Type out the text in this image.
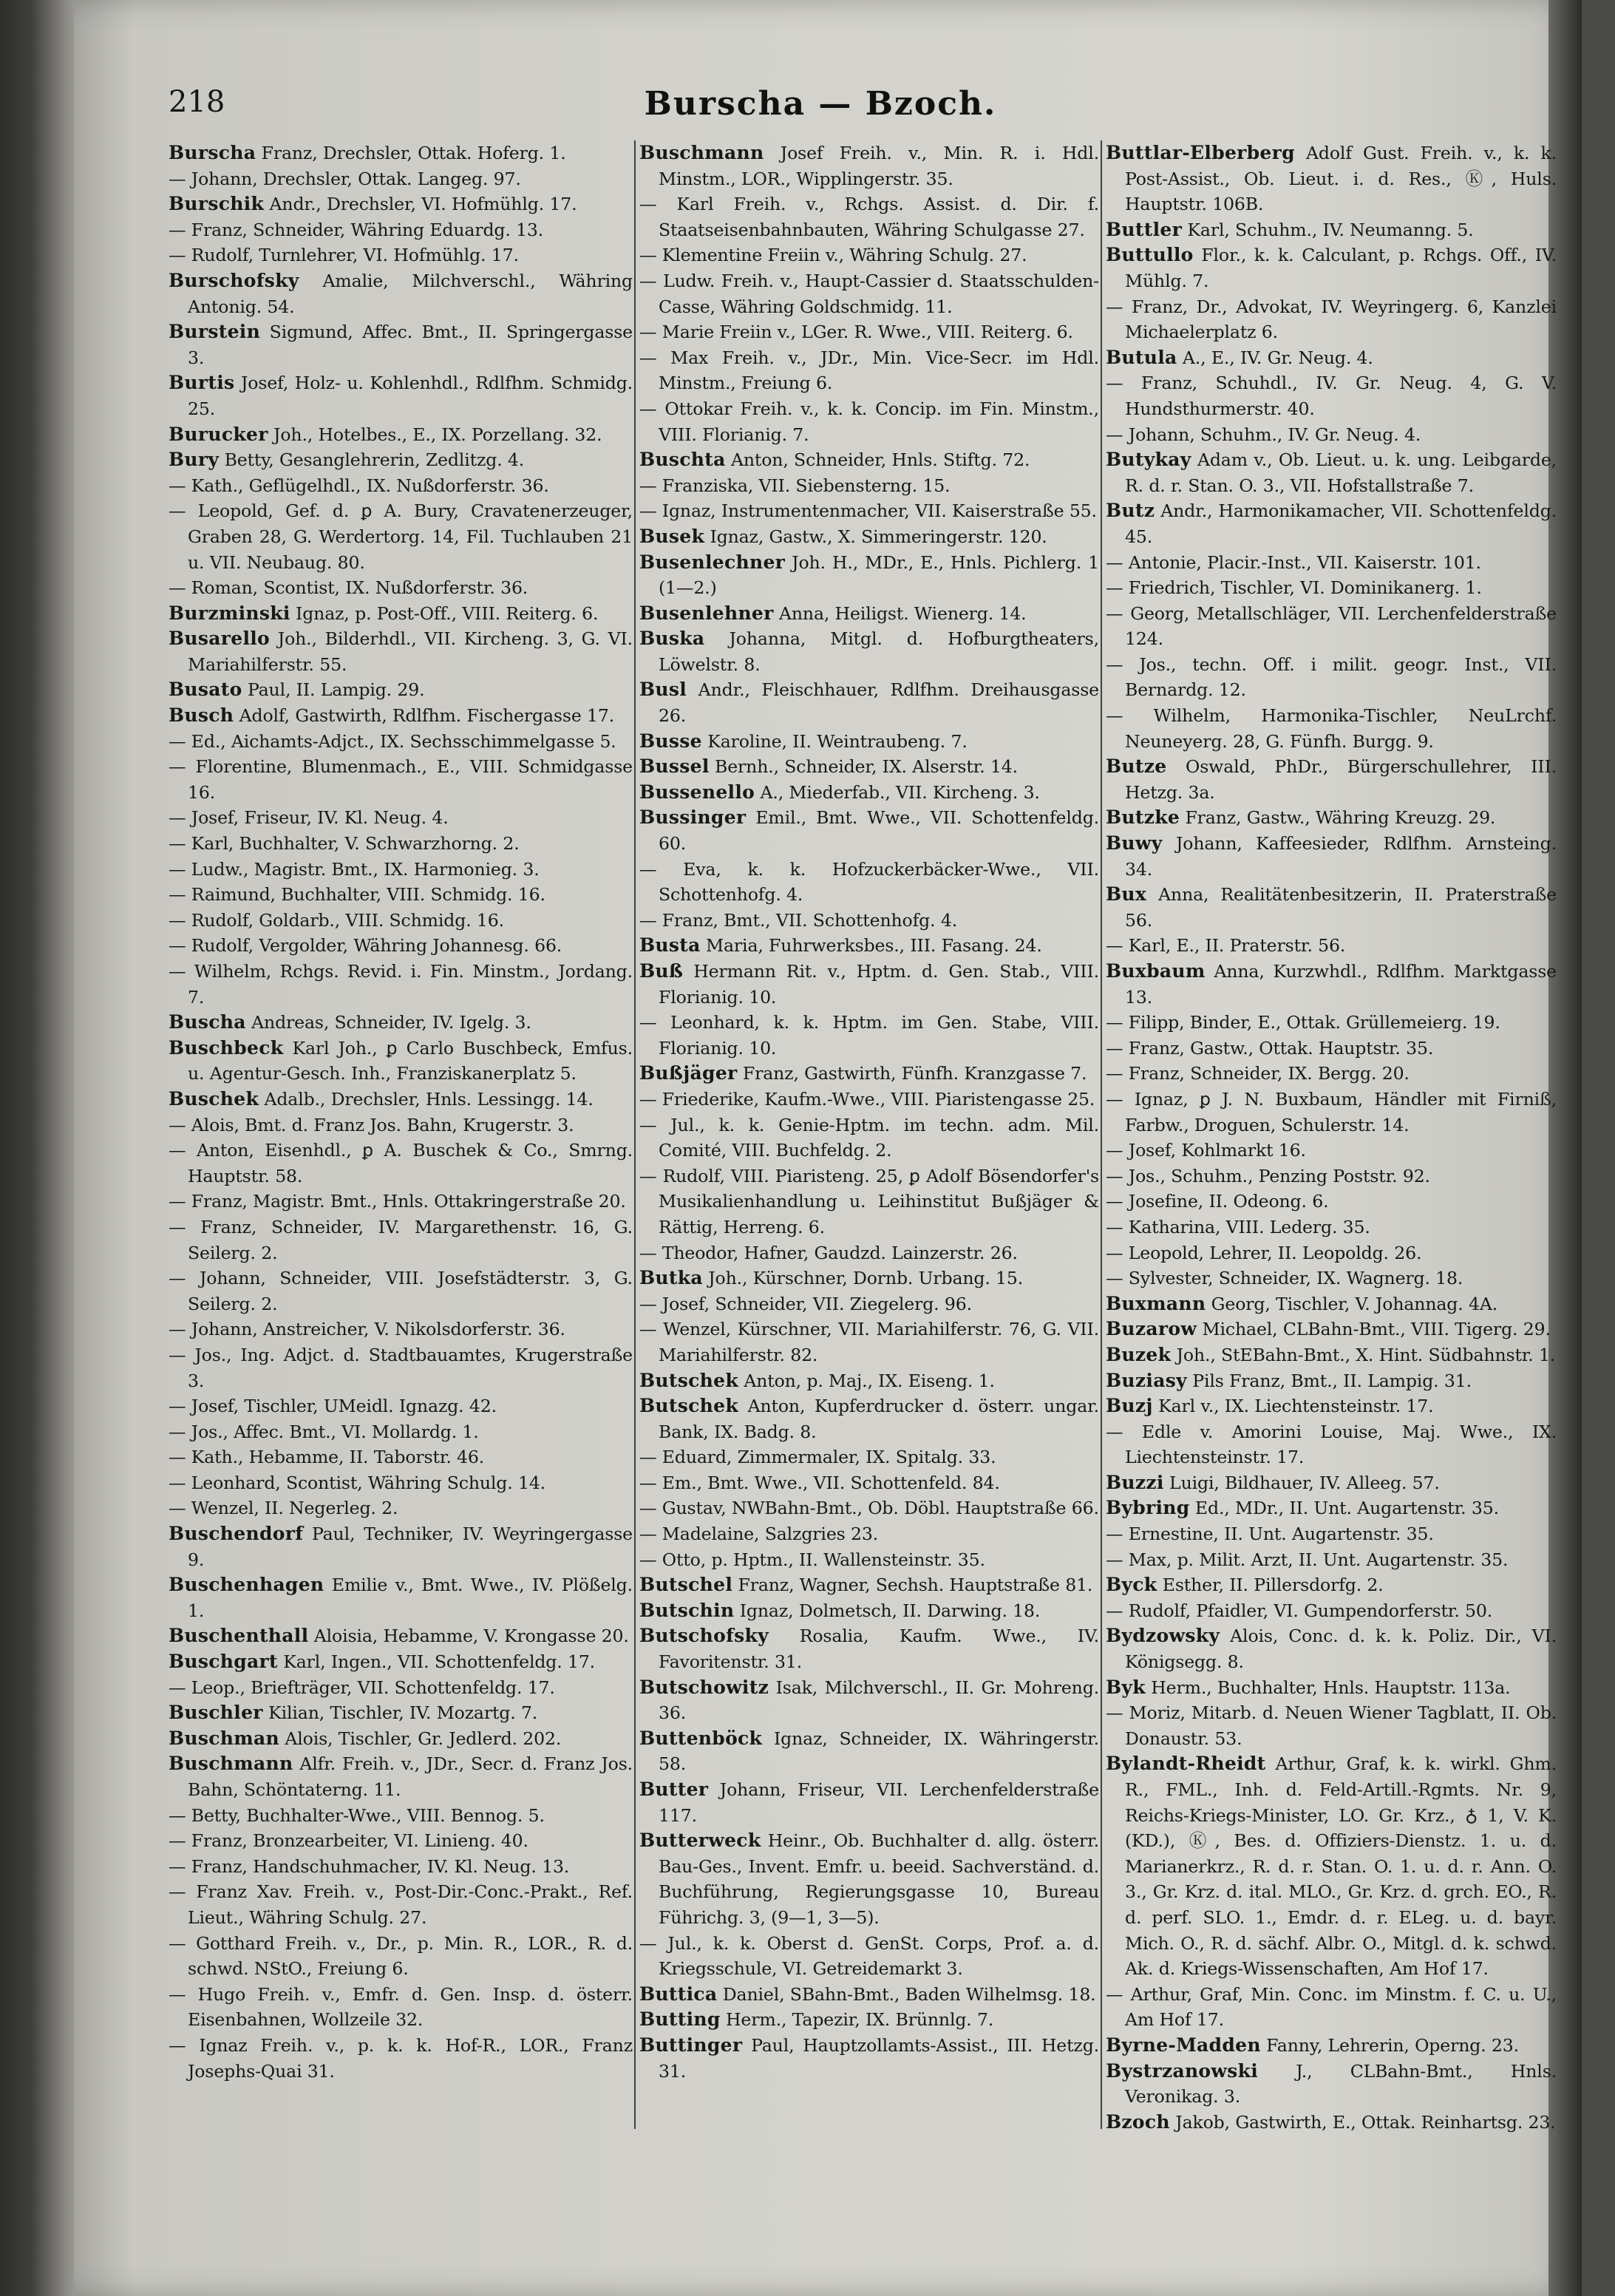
218	Burscha — Bzoch.

Burscha Franz, Drechsler, Ottak. Hoferg. 1.

— Johann, Drechsler, Ottak. Langeg. 97.

Burschik Andr., Drechsler, VI. Hofmühlg. 17.

— Franz, Schneider, Währing Eduardg. 13.

— Rudolf, Turnlehrer, VI. Hofmühlg. 17.

Burschofsky Amalie, Milchverschl., Währing Antonig. 54.

Burstein Sigmund, Affec. Bmt., II. Springergasse 3.

Burtis Josef, Holz- u. Kohlenhdl., Rdlfhm. Schmidg. 25.

Burucker Joh., Hotelbes., E., IX. Porzellang. 32.

Bury Betty, Gesanglehrerin, Zedlitzg. 4.

— Kath., Geflügelhdl., IX. Nußdorferstr. 36.

— Leopold, Gef. d. ꝑ A. Bury, Cravatenerzeuger, Graben 28, G. Werdertorg. 14, Fil. Tuchlauben 21 u. VII. Neubaug. 80.

— Roman, Scontist, IX. Nußdorferstr. 36.

Burzminski Ignaz, p. Post-Off., VIII. Reiterg. 6.

Busarello Joh., Bilderhdl., VII. Kircheng. 3, G. VI. Mariahilferstr. 55.

Busato Paul, II. Lampig. 29.

Busch Adolf, Gastwirth, Rdlfhm. Fischergasse 17.

— Ed., Aichamts-Adjct., IX. Sechsschimmelgasse 5.

— Florentine, Blumenmach., E., VIII. Schmidgasse 16.

— Josef, Friseur, IV. Kl. Neug. 4.

— Karl, Buchhalter, V. Schwarzhorng. 2.

— Ludw., Magistr. Bmt., IX. Harmonieg. 3.

— Raimund, Buchhalter, VIII. Schmidg. 16.

— Rudolf, Goldarb., VIII. Schmidg. 16.

— Rudolf, Vergolder, Währing Johannesg. 66.

— Wilhelm, Rchgs. Revid. i. Fin. Minstm., Jordang. 7.

Buscha Andreas, Schneider, IV. Igelg. 3.

Buschbeck Karl Joh., ꝑ Carlo Buschbeck, Emfus. u. Agentur-Gesch. Inh., Franziskanerplatz 5.

Buschek Adalb., Drechsler, Hnls. Lessingg. 14.

— Alois, Bmt. d. Franz Jos. Bahn, Krugerstr. 3.

— Anton, Eisenhdl., ꝑ A. Buschek & Co., Smrng. Hauptstr. 58.

— Franz, Magistr. Bmt., Hnls. Ottakringerstraße 20.

— Franz, Schneider, IV. Margarethenstr. 16, G. Seilerg. 2.

— Johann, Schneider, VIII. Josefstädterstr. 3, G. Seilerg. 2.

— Johann, Anstreicher, V. Nikolsdorferstr. 36.

— Jos., Ing. Adjct. d. Stadtbauamtes, Krugerstraße 3.

— Josef, Tischler, UMeidl. Ignazg. 42.

— Jos., Affec. Bmt., VI. Mollardg. 1.

— Kath., Hebamme, II. Taborstr. 46.

— Leonhard, Scontist, Währing Schulg. 14.

— Wenzel, II. Negerleg. 2.

Buschendorf Paul, Techniker, IV. Weyringergasse 9.

Buschenhagen Emilie v., Bmt. Wwe., IV. Plößelg. 1.

Buschenthall Aloisia, Hebamme, V. Krongasse 20.

Buschgart Karl, Ingen., VII. Schottenfeldg. 17.

— Leop., Briefträger, VII. Schottenfeldg. 17.

Buschler Kilian, Tischler, IV. Mozartg. 7.

Buschman Alois, Tischler, Gr. Jedlerd. 202.

Buschmann Alfr. Freih. v., JDr., Secr. d. Franz Jos. Bahn, Schöntaterng. 11.

— Betty, Buchhalter-Wwe., VIII. Bennog. 5.

— Franz, Bronzearbeiter, VI. Linieng. 40.

— Franz, Handschuhmacher, IV. Kl. Neug. 13.

— Franz Xav. Freih. v., Post-Dir.-Conc.-Prakt., Ref. Lieut., Währing Schulg. 27.

— Gotthard Freih. v., Dr., p. Min. R., LOR., R. d. schwd. NStO., Freiung 6.

— Hugo Freih. v., Emfr. d. Gen. Insp. d. österr. Eisenbahnen, Wollzeile 32.

— Ignaz Freih. v., p. k. k. Hof-R., LOR., Franz Josephs-Quai 31.

Buschmann Josef Freih. v., Min. R. i. Hdl. Minstm., LOR., Wipplingerstr. 35.

— Karl Freih. v., Rchgs. Assist. d. Dir. f. Staatseisenbahnbauten, Währing Schulgasse 27.

— Klementine Freiin v., Währing Schulg. 27.

— Ludw. Freih. v., Haupt-Cassier d. Staatsschulden-Casse, Währing Goldschmidg. 11.

— Marie Freiin v., LGer. R. Wwe., VIII. Reiterg. 6.

— Max Freih. v., JDr., Min. Vice-Secr. im Hdl. Minstm., Freiung 6.

— Ottokar Freih. v., k. k. Concip. im Fin. Minstm., VIII. Florianig. 7.

Buschta Anton, Schneider, Hnls. Stiftg. 72.

— Franziska, VII. Siebensterng. 15.

— Ignaz, Instrumentenmacher, VII. Kaiserstraße 55.

Busek Ignaz, Gastw., X. Simmeringerstr. 120.

Busenlechner Joh. H., MDr., E., Hnls. Pichlerg. 1 (1—2.)

Busenlehner Anna, Heiligst. Wienerg. 14.

Buska Johanna, Mitgl. d. Hofburgtheaters, Löwelstr. 8.

Busl Andr., Fleischhauer, Rdlfhm. Dreihausgasse 26.

Busse Karoline, II. Weintraubeng. 7.

Bussel Bernh., Schneider, IX. Alserstr. 14.

Bussenello A., Miederfab., VII. Kircheng. 3.

Bussinger Emil., Bmt. Wwe., VII. Schottenfeldg. 60.

— Eva, k. k. Hofzuckerbäcker-Wwe., VII. Schottenhofg. 4.

— Franz, Bmt., VII. Schottenhofg. 4.

Busta Maria, Fuhrwerksbes., III. Fasang. 24.

Buß Hermann Rit. v., Hptm. d. Gen. Stab., VIII. Florianig. 10.

— Leonhard, k. k. Hptm. im Gen. Stabe, VIII. Florianig. 10.

Bußjäger Franz, Gastwirth, Fünfh. Kranzgasse 7.

— Friederike, Kaufm.-Wwe., VIII. Piaristengasse 25.

— Jul., k. k. Genie-Hptm. im techn. adm. Mil. Comité, VIII. Buchfeldg. 2.

— Rudolf, VIII. Piaristeng. 25, ꝑ Adolf Bösendorfer's Musikalienhandlung u. Leihinstitut Bußjäger & Rättig, Herreng. 6.

— Theodor, Hafner, Gaudzd. Lainzerstr. 26.

Butka Joh., Kürschner, Dornb. Urbang. 15.

— Josef, Schneider, VII. Ziegelerg. 96.

— Wenzel, Kürschner, VII. Mariahilferstr. 76, G. VII. Mariahilferstr. 82.

Butschek Anton, p. Maj., IX. Eiseng. 1.

Butschek Anton, Kupferdrucker d. österr. ungar. Bank, IX. Badg. 8.

— Eduard, Zimmermaler, IX. Spitalg. 33.

— Em., Bmt. Wwe., VII. Schottenfeld. 84.

— Gustav, NWBahn-Bmt., Ob. Döbl. Hauptstraße 66.

— Madelaine, Salzgries 23.

— Otto, p. Hptm., II. Wallensteinstr. 35.

Butschel Franz, Wagner, Sechsh. Hauptstraße 81.

Butschin Ignaz, Dolmetsch, II. Darwing. 18.

Butschofsky Rosalia, Kaufm. Wwe., IV. Favoritenstr. 31.

Butschowitz Isak, Milchverschl., II. Gr. Mohreng. 36.

Buttenböck Ignaz, Schneider, IX. Währingerstr. 58.

Butter Johann, Friseur, VII. Lerchenfelderstraße 117.

Butterweck Heinr., Ob. Buchhalter d. allg. österr. Bau-Ges., Invent. Emfr. u. beeid. Sachverständ. d. Buchführung, Regierungsgasse 10, Bureau Führichg. 3, (9—1, 3—5).

— Jul., k. k. Oberst d. GenSt. Corps, Prof. a. d. Kriegsschule, VI. Getreidemarkt 3.

Buttica Daniel, SBahn-Bmt., Baden Wilhelmsg. 18.

Butting Herm., Tapezir, IX. Brünnlg. 7.

Buttinger Paul, Hauptzollamts-Assist., III. Hetzg. 31.

Buttlar-Elberberg Adolf Gust. Freih. v., k. k. Post-Assist., Ob. Lieut. i. d. Res., Ⓚ, Huls. Hauptstr. 106B.

Buttler Karl, Schuhm., IV. Neumanng. 5.

Buttullo Flor., k. k. Calculant, p. Rchgs. Off., IV. Mühlg. 7.

— Franz, Dr., Advokat, IV. Weyringerg. 6, Kanzlei Michaelerplatz 6.

Butula A., E., IV. Gr. Neug. 4.

— Franz, Schuhdl., IV. Gr. Neug. 4, G. V. Hundsthurmerstr. 40.

— Johann, Schuhm., IV. Gr. Neug. 4.

Butykay Adam v., Ob. Lieut. u. k. ung. Leibgarde, R. d. r. Stan. O. 3., VII. Hofstallstraße 7.

Butz Andr., Harmonikamacher, VII. Schottenfeldg. 45.

— Antonie, Placir.-Inst., VII. Kaiserstr. 101.

— Friedrich, Tischler, VI. Dominikanerg. 1.

— Georg, Metallschläger, VII. Lerchenfelderstraße 124.

— Jos., techn. Off. i milit. geogr. Inst., VII. Bernardg. 12.

— Wilhelm, Harmonika-Tischler, NeuLrchf. Neuneyerg. 28, G. Fünfh. Burgg. 9.

Butze Oswald, PhDr., Bürgerschullehrer, III. Hetzg. 3a.

Butzke Franz, Gastw., Währing Kreuzg. 29.

Buwy Johann, Kaffeesieder, Rdlfhm. Arnsteing. 34.

Bux Anna, Realitätenbesitzerin, II. Praterstraße 56.

— Karl, E., II. Praterstr. 56.

Buxbaum Anna, Kurzwhdl., Rdlfhm. Marktgasse 13.

— Filipp, Binder, E., Ottak. Grüllemeierg. 19.

— Franz, Gastw., Ottak. Hauptstr. 35.

— Franz, Schneider, IX. Bergg. 20.

— Ignaz, ꝑ J. N. Buxbaum, Händler mit Firniß, Farbw., Droguen, Schulerstr. 14.

— Josef, Kohlmarkt 16.

— Jos., Schuhm., Penzing Poststr. 92.

— Josefine, II. Odeong. 6.

— Katharina, VIII. Lederg. 35.

— Leopold, Lehrer, II. Leopoldg. 26.

— Sylvester, Schneider, IX. Wagnerg. 18.

Buxmann Georg, Tischler, V. Johannag. 4A.

Buzarow Michael, CLBahn-Bmt., VIII. Tigerg. 29.

Buzek Joh., StEBahn-Bmt., X. Hint. Südbahnstr. 1.

Buziasy Pils Franz, Bmt., II. Lampig. 31.

Buzj Karl v., IX. Liechtensteinstr. 17.

— Edle v. Amorini Louise, Maj. Wwe., IX. Liechtensteinstr. 17.

Buzzi Luigi, Bildhauer, IV. Alleeg. 57.

Bybring Ed., MDr., II. Unt. Augartenstr. 35.

— Ernestine, II. Unt. Augartenstr. 35.

— Max, p. Milit. Arzt, II. Unt. Augartenstr. 35.

Byck Esther, II. Pillersdorfg. 2.

— Rudolf, Pfaidler, VI. Gumpendorferstr. 50.

Bydzowsky Alois, Conc. d. k. k. Poliz. Dir., VI. Königsegg. 8.

Byk Herm., Buchhalter, Hnls. Hauptstr. 113a.

— Moriz, Mitarb. d. Neuen Wiener Tagblatt, II. Ob. Donaustr. 53.

Bylandt-Rheidt Arthur, Graf, k. k. wirkl. Ghm. R., FML., Inh. d. Feld-Artill.-Rgmts. Nr. 9, Reichs-Kriegs-Minister, LO. Gr. Krz., ♁ 1, V. K. (KD.), Ⓚ, Bes. d. Offiziers-Dienstz. 1. u. d. Marianerkrz., R. d. r. Stan. O. 1. u. d. r. Ann. O. 3., Gr. Krz. d. ital. MLO., Gr. Krz. d. grch. EO., R. d. perf. SLO. 1., Emdr. d. r. ELeg. u. d. bayr. Mich. O., R. d. sächf. Albr. O., Mitgl. d. k. schwd. Ak. d. Kriegs-Wissenschaften, Am Hof 17.

— Arthur, Graf, Min. Conc. im Minstm. f. C. u. U., Am Hof 17.

Byrne-Madden Fanny, Lehrerin, Operng. 23.

Bystrzanowski J., CLBahn-Bmt., Hnls. Veronikag. 3.

Bzoch Jakob, Gastwirth, E., Ottak. Reinhartsg. 23.
